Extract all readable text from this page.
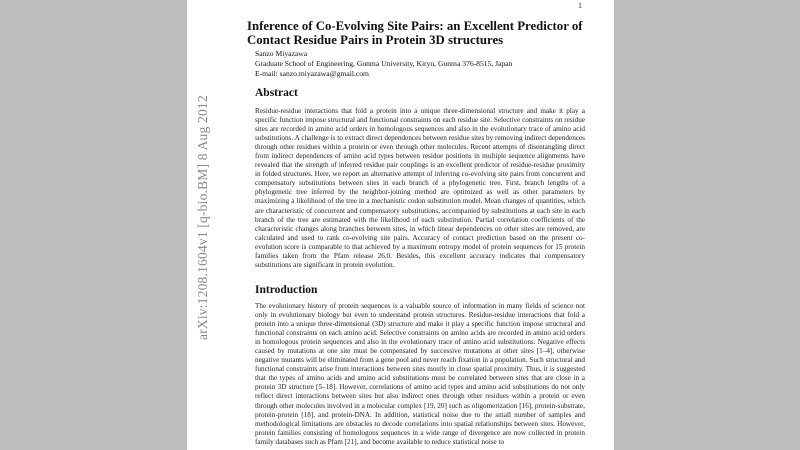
arXiv:1208.1604v1 [q-bio.BM] 8 Aug 2012
1
Inference of Co-Evolving Site Pairs: an Excellent Predictor of Contact Residue Pairs in Protein 3D structures
Sanzo Miyazawa
Graduate School of Engineering, Gunma University, Kiryu, Gunma 376-8515, Japan
E-mail: sanzo.miyazawa@gmail.com
Abstract

Residue-residue interactions that fold a protein into a unique three-dimensional structure and make it play a specific function impose structural and functional constraints on each residue site. Selective constraints on residue sites are recorded in amino acid orders in homologous sequences and also in the evolutionary trace of amino acid substitutions. A challenge is to extract direct dependences between residue sites by removing indirect dependences through other residues within a protein or even through other molecules. Recent attempts of disentangling direct from indirect dependences of amino acid types between residue positions in multiple sequence alignments have revealed that the strength of inferred residue pair couplings is an excellent predictor of residue-residue proximity in folded structures. Here, we report an alternative attempt of inferring co-evolving site pairs from concurrent and compensatory substitutions between sites in each branch of a phylogenetic tree. First, branch lengths of a phylogenetic tree inferred by the neighbor-joining method are optimized as well as other parameters by maximizing a likelihood of the tree in a mechanistic codon substitution model. Mean changes of quantities, which are characteristic of concurrent and compensatory substitutions, accompanied by substitutions at each site in each branch of the tree are estimated with the likelihood of each substitution. Partial correlation coefficients of the characteristic changes along branches between sites, in which linear dependences on other sites are removed, are calculated and used to rank co-evolving site pairs. Accuracy of contact prediction based on the present co-evolution score is comparable to that achieved by a maximum entropy model of protein sequences for 15 protein families taken from the Pfam release 26.0. Besides, this excellent accuracy indicates that compensatory substitutions are significant in protein evolution.

Introduction

The evolutionary history of protein sequences is a valuable source of information in many fields of science not only in evolutionary biology but even to understand protein structures. Residue-residue interactions that fold a protein into a unique three-dimensional (3D) structure and make it play a specific function impose structural and functional constraints on each amino acid. Selective constraints on amino acids are recorded in amino acid orders in homologous protein sequences and also in the evolutionary trace of amino acid substitutions. Negative effects caused by mutations at one site must be compensated by successive mutations at other sites [1–4], otherwise negative mutants will be eliminated from a gene pool and never reach fixation in a population. Such structural and functional constraints arise from interactions between sites mostly in close spatial proximity. Thus, it is suggested that the types of amino acids and amino acid substitutions must be correlated between sites that are close in a protein 3D structure [5–18]. However, correlations of amino acid types and amino acid substitutions do not only reflect direct interactions between sites but also indirect ones through other residues within a protein or even through other molecules involved in a molecular complex [19, 20] such as oligomerization [16], protein-substrate, protein-protein [18], and protein-DNA. In addition, statistical noise due to the small number of samples and methodological limitations are obstacles to decode correlations into spatial relationships between sites. However, protein families consisting of homologous sequences in a wide range of divergence are now collected in protein family databases such as Pfam [21], and become available to reduce statistical noise to
